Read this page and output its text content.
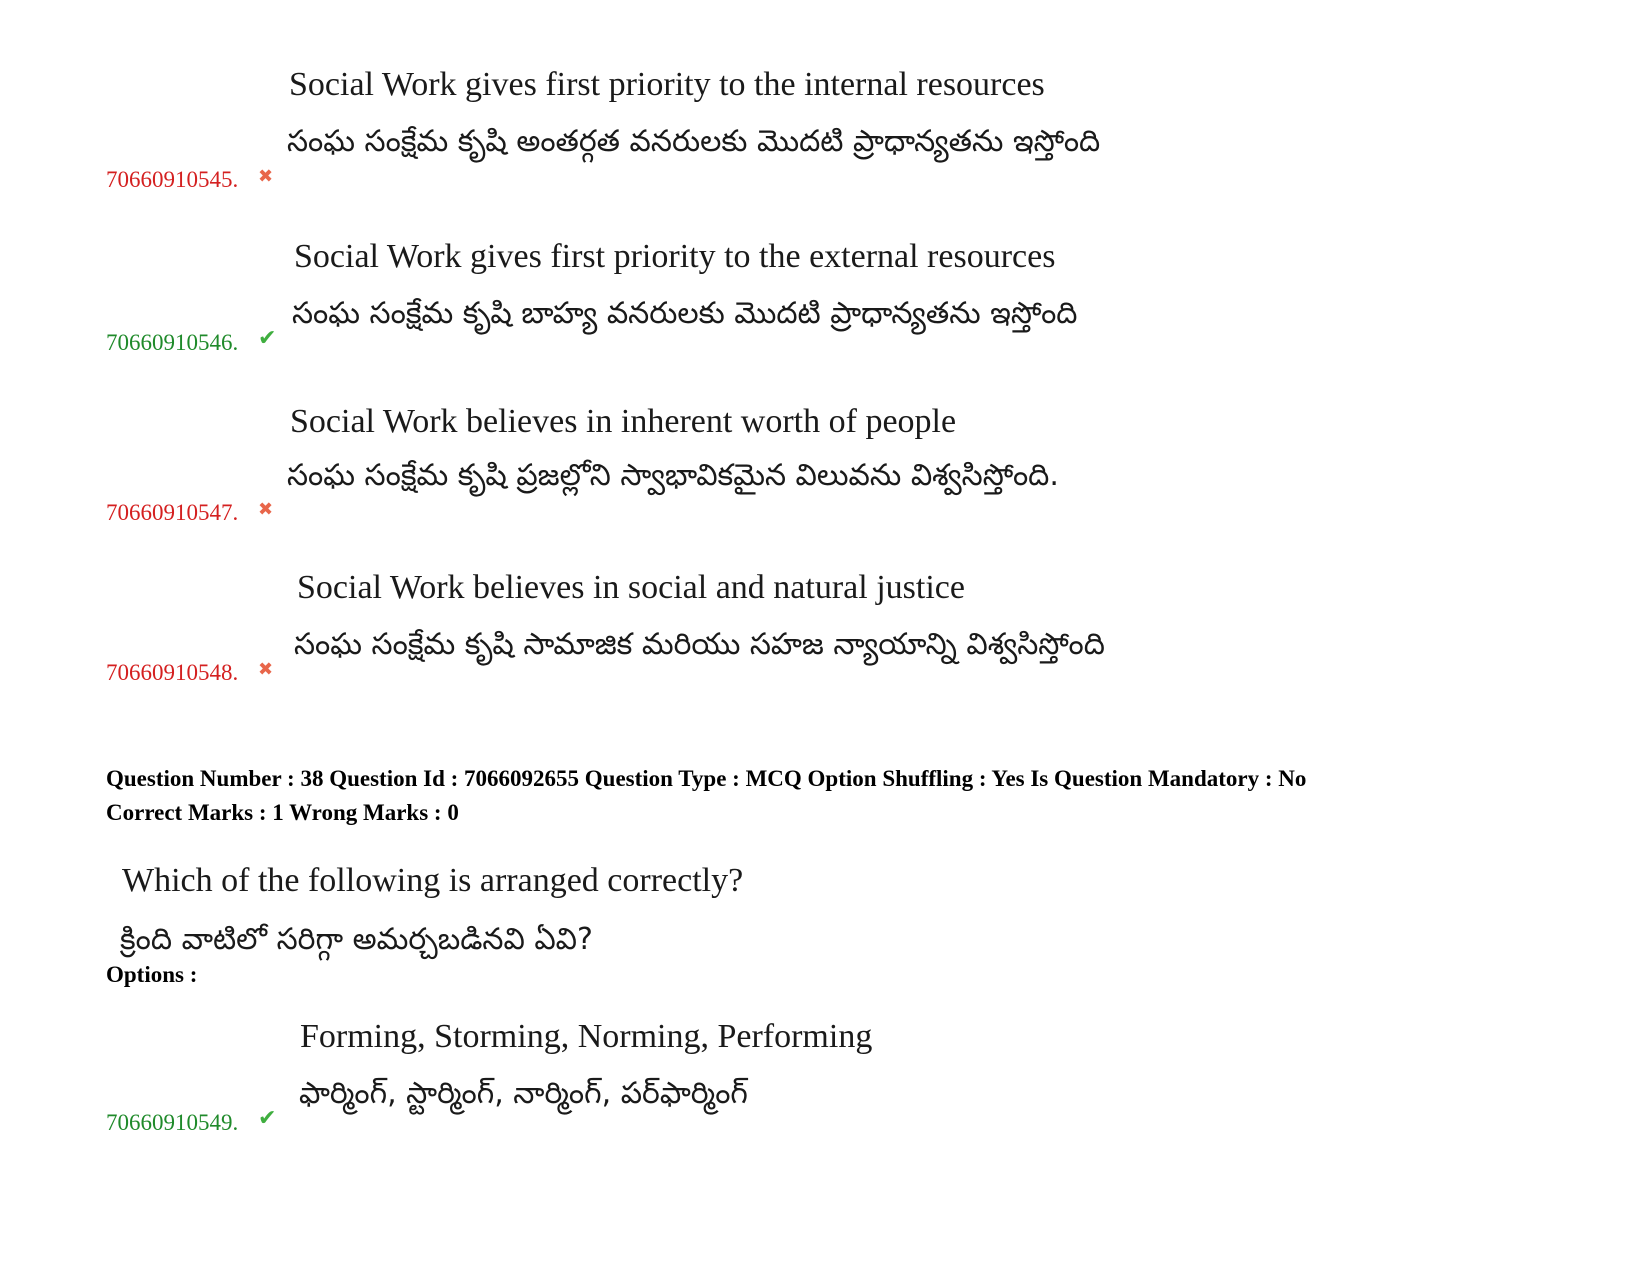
Social Work gives first priority to the internal resources
సంఘ సంక్షేమ కృషి అంతర్గత వనరులకు మొదటి ప్రాధాన్యతను ఇస్తోంది
70660910545. ✖
Social Work gives first priority to the external resources
సంఘ సంక్షేమ కృషి బాహ్య వనరులకు మొదటి ప్రాధాన్యతను ఇస్తోంది
70660910546. ✔
Social Work believes in inherent worth of people
సంఘ సంక్షేమ కృషి ప్రజల్లోని స్వాభావికమైన విలువను విశ్వసిస్తోంది.
70660910547. ✖
Social Work believes in social and natural justice
సంఘ సంక్షేమ కృషి సామాజిక మరియు సహజ న్యాయాన్ని విశ్వసిస్తోంది
70660910548. ✖
Question Number : 38 Question Id : 7066092655 Question Type : MCQ Option Shuffling : Yes Is Question Mandatory : No
Correct Marks : 1 Wrong Marks : 0
Which of the following is arranged correctly?
క్రింది వాటిలో సరిగ్గా అమర్చబడినవి ఏవి?
Options :
Forming, Storming, Norming, Performing
ఫార్మింగ్, స్టార్మింగ్, నార్మింగ్, పర్‌ఫార్మింగ్
70660910549. ✔
